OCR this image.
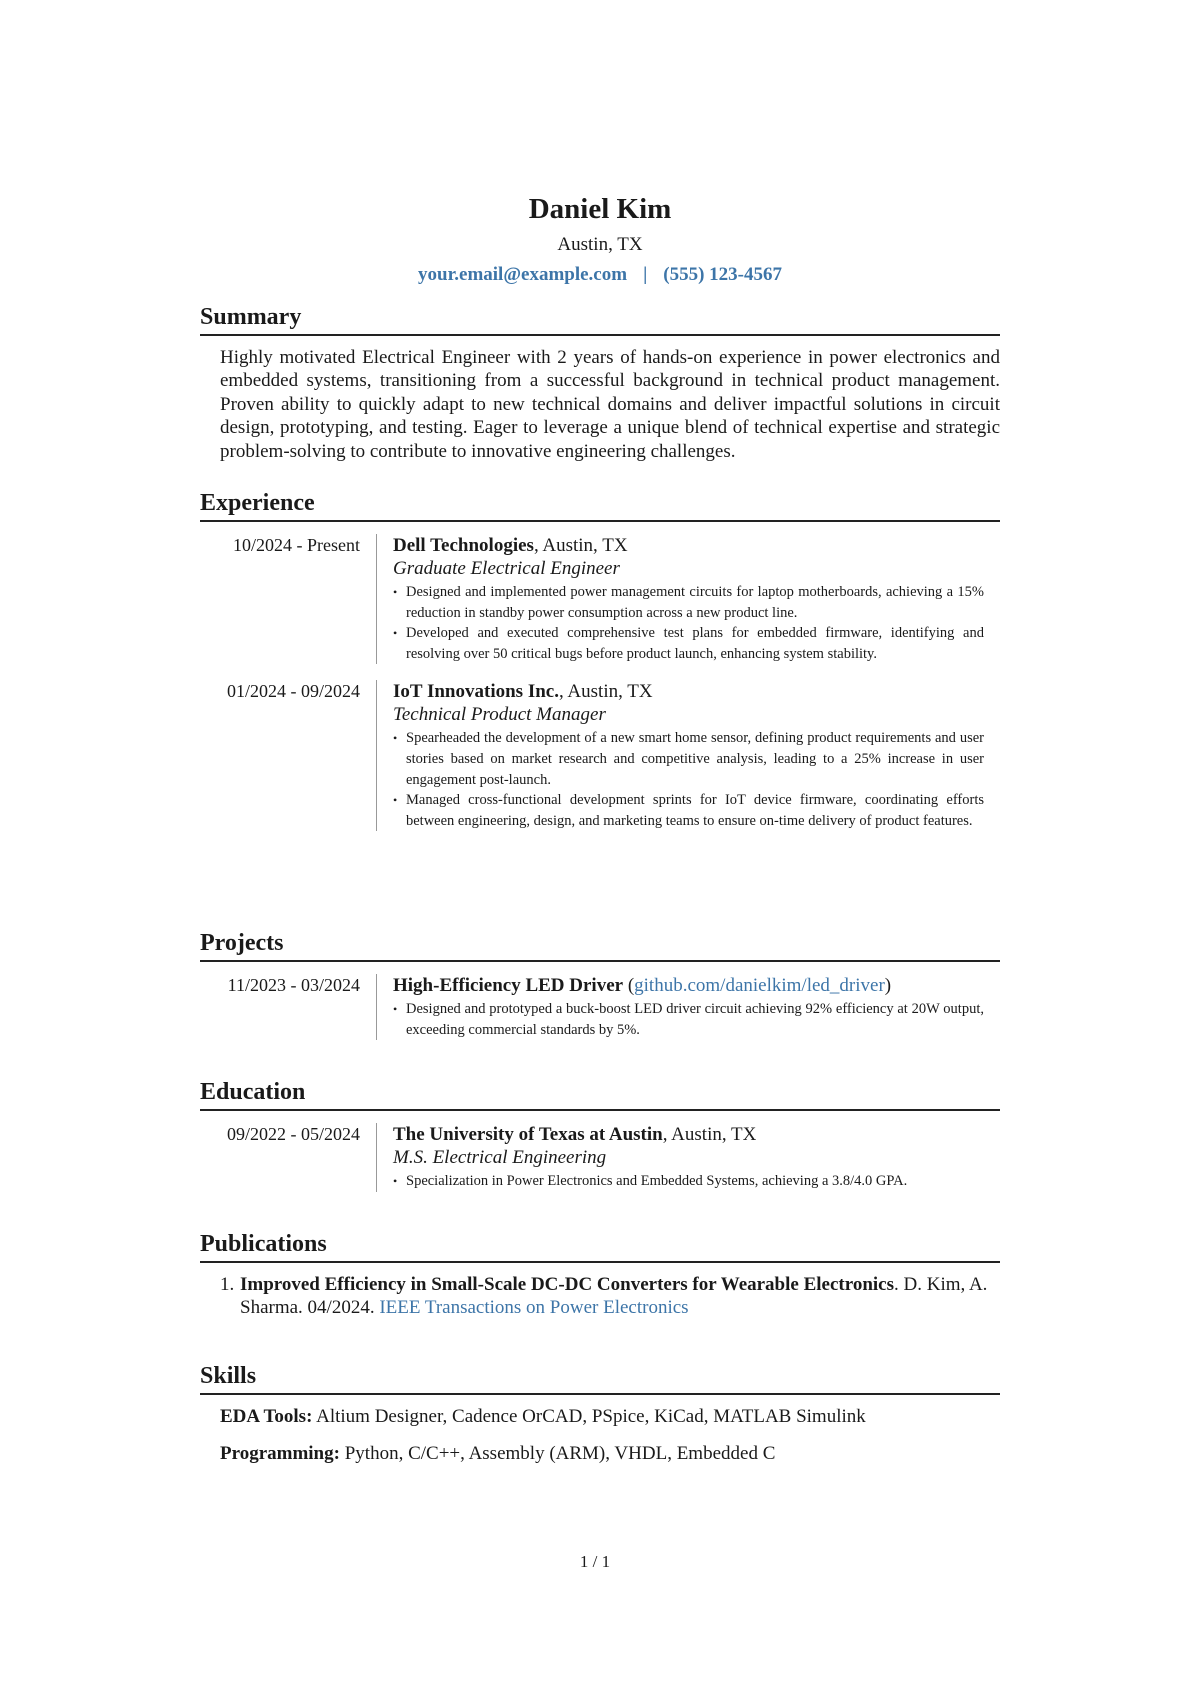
Daniel Kim
Austin, TX
your.email@example.com | (555) 123-4567
Summary

Highly motivated Electrical Engineer with 2 years of hands-on experience in power electronics and embedded systems, transitioning from a successful background in technical product management. Proven ability to quickly adapt to new technical domains and deliver impactful solutions in circuit design, prototyping, and testing. Eager to leverage a unique blend of technical expertise and strategic problem-solving to contribute to innovative engineering challenges.

Experience
10/2024 - Present	Dell Technologies, Austin, TX
Graduate Electrical Engineer
• Designed and implemented power management circuits for laptop motherboards, achieving a 15% reduction in standby power consumption across a new product line.
• Developed and executed comprehensive test plans for embedded firmware, identifying and resolving over 50 critical bugs before product launch, enhancing system stability.
01/2024 - 09/2024	IoT Innovations Inc., Austin, TX
Technical Product Manager
• Spearheaded the development of a new smart home sensor, defining product requirements and user stories based on market research and competitive analysis, leading to a 25% increase in user engagement post-launch.
• Managed cross-functional development sprints for IoT device firmware, coordinating efforts between engineering, design, and marketing teams to ensure on-time delivery of product features.
Projects
11/2023 - 03/2024	High-Efficiency LED Driver (github.com/danielkim/led_driver)
• Designed and prototyped a buck-boost LED driver circuit achieving 92% efficiency at 20W output, exceeding commercial standards by 5%.
Education
09/2022 - 05/2024	The University of Texas at Austin, Austin, TX
M.S. Electrical Engineering
• Specialization in Power Electronics and Embedded Systems, achieving a 3.8/4.0 GPA.
Publications
1. Improved Efficiency in Small-Scale DC-DC Converters for Wearable Electronics. D. Kim, A. Sharma. 04/2024. IEEE Transactions on Power Electronics
Skills
EDA Tools: Altium Designer, Cadence OrCAD, PSpice, KiCad, MATLAB Simulink
Programming: Python, C/C++, Assembly (ARM), VHDL, Embedded C
1 / 1
